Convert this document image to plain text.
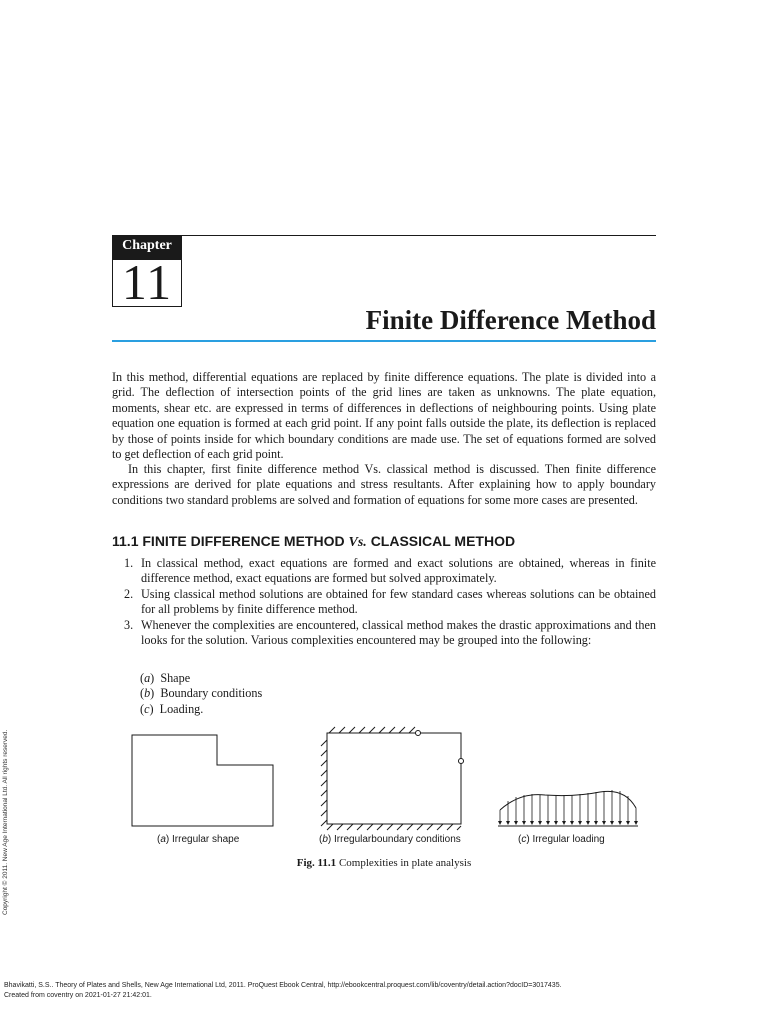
Chapter
11
Finite Difference Method

In this method, differential equations are replaced by finite difference equations. The plate is divided into a grid. The deflection of intersection points of the grid lines are taken as unknowns. The plate equation, moments, shear etc. are expressed in terms of differences in deflections of neighbouring points. Using plate equation one equation is formed at each grid point. If any point falls outside the plate, its deflection is replaced by those of points inside for which boundary conditions are made use. The set of equations formed are solved to get deflection of each grid point.

In this chapter, first finite difference method Vs. classical method is discussed. Then finite difference expressions are derived for plate equations and stress resultants. After explaining how to apply boundary conditions two standard problems are solved and formation of equations for some more cases are presented.

11.1 FINITE DIFFERENCE METHOD Vs. CLASSICAL METHOD
1. In classical method, exact equations are formed and exact solutions are obtained, whereas in finite difference method, exact equations are formed but solved approximately.
2. Using classical method solutions are obtained for few standard cases whereas solutions can be obtained for all problems by finite difference method.
3. Whenever the complexities are encountered, classical method makes the drastic approximations and then looks for the solution. Various complexities encountered may be grouped into the following:
(a)  Shape
(b)  Boundary conditions
(c)  Loading.
(a) Irregular shape	(b) Irregularboundary conditions	(c) Irregular loading
Fig. 11.1 Complexities in plate analysis
Copyright © 2011. New Age International Ltd. All rights reserved.
Bhavikatti, S.S.. Theory of Plates and Shells, New Age International Ltd, 2011. ProQuest Ebook Central, http://ebookcentral.proquest.com/lib/coventry/detail.action?docID=3017435.
Created from coventry on 2021-01-27 21:42:01.
